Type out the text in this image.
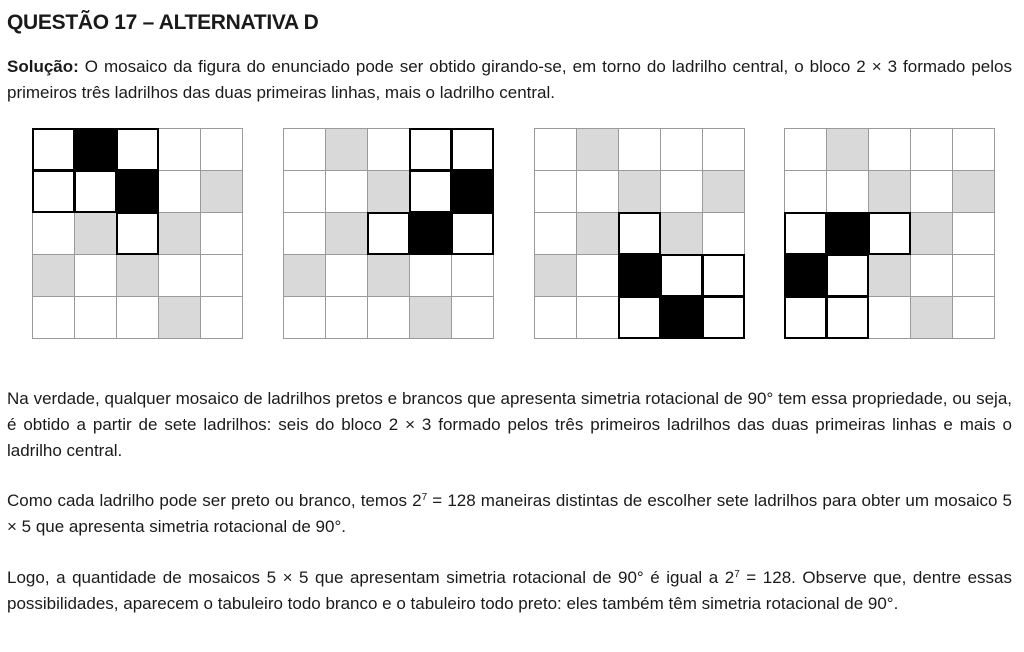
QUESTÃO 17 – ALTERNATIVA D

Solução: O mosaico da figura do enunciado pode ser obtido girando-se, em torno do ladrilho central, o bloco 2 × 3 formado pelos primeiros três ladrilhos das duas primeiras linhas, mais o ladrilho central.

Na verdade, qualquer mosaico de ladrilhos pretos e brancos que apresenta simetria rotacional de 90° tem essa propriedade, ou seja, é obtido a partir de sete ladrilhos: seis do bloco 2 × 3 formado pelos três primeiros ladrilhos das duas primeiras linhas e mais o ladrilho central.

Como cada ladrilho pode ser preto ou branco, temos $2^7 = 128$ maneiras distintas de escolher sete ladrilhos para obter um mosaico 5 × 5 que apresenta simetria rotacional de 90°.

Logo, a quantidade de mosaicos 5 × 5 que apresentam simetria rotacional de 90° é igual a $2^7 = 128$. Observe que, dentre essas possibilidades, aparecem o tabuleiro todo branco e o tabuleiro todo preto: eles também têm simetria rotacional de 90°.
